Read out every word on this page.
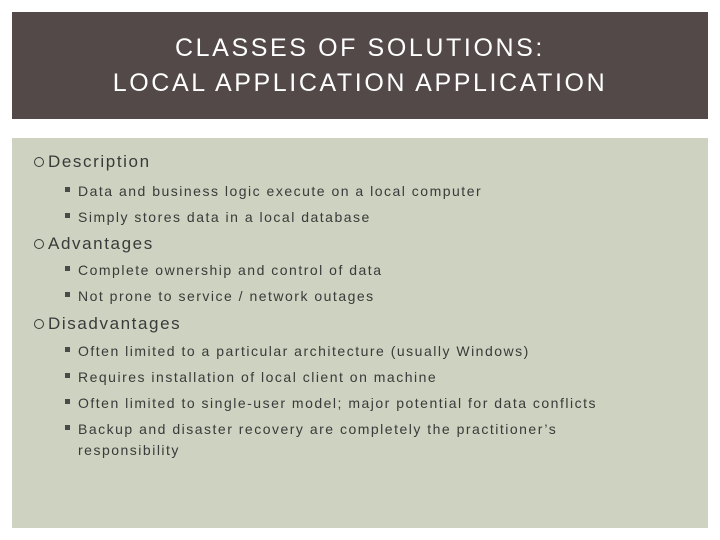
CLASSES OF SOLUTIONS:
LOCAL APPLICATION APPLICATION
Description
Data and business logic execute on a local computer
Simply stores data in a local database
Advantages
Complete ownership and control of data
Not prone to service / network outages
Disadvantages
Often limited to a particular architecture (usually Windows)
Requires installation of local client on machine
Often limited to single-user model; major potential for data conflicts
Backup and disaster recovery are completely the practitioner’s responsibility
